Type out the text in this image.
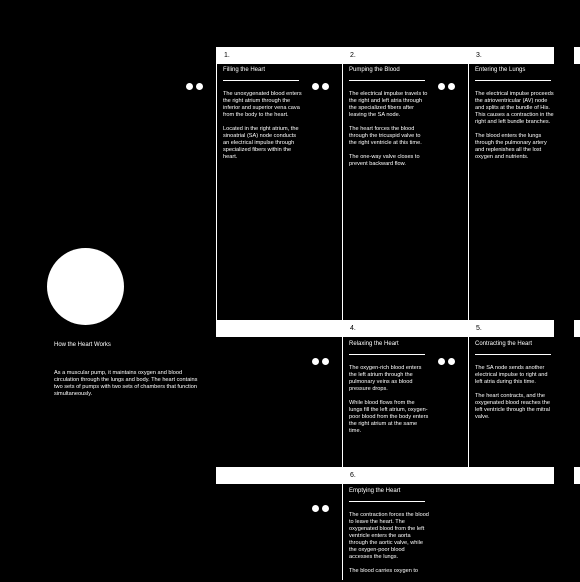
1.	2.	3.
4.	5.
6.
How the Heart Works
As a muscular pump, it maintains oxygen and blood circulation through the lungs and body. The heart contains two sets of pumps with two sets of chambers that function simultaneously.
Filling the Heart

The unoxygenated blood enters the right atrium through the inferior and superior vena cava from the body to the heart.

Located in the right atrium, the sinoatrial (SA) node conducts an electrical impulse through specialized fibers within the heart.

Pumping the Blood

The electrical impulse travels to the right and left atria through the specialized fibers after leaving the SA node.

The heart forces the blood through the tricuspid valve to the right ventricle at this time.

The one-way valve closes to prevent backward flow.

Entering the Lungs

The electrical impulse proceeds the atrioventricular (AV) node and splits at the bundle of His. This causes a contraction in the right and left bundle branches.

The blood enters the lungs through the pulmonary artery and replenishes all the lost oxygen and nutrients.

Relaxing the Heart

The oxygen-rich blood enters the left atrium through the pulmonary veins as blood pressure drops.

While blood flows from the lungs fill the left atrium, oxygen-poor blood from the body enters the right atrium at the same time.

Contracting the Heart

The SA node sends another electrical impulse to right and left atria during this time.

The heart contracts, and the oxygenated blood reaches the left ventricle through the mitral valve.

Emptying the Heart

The contraction forces the blood to leave the heart. The oxygenated blood from the left ventricle enters the aorta through the aortic valve, while the oxygen-poor blood accesses the lungs.

The blood carries oxygen to
